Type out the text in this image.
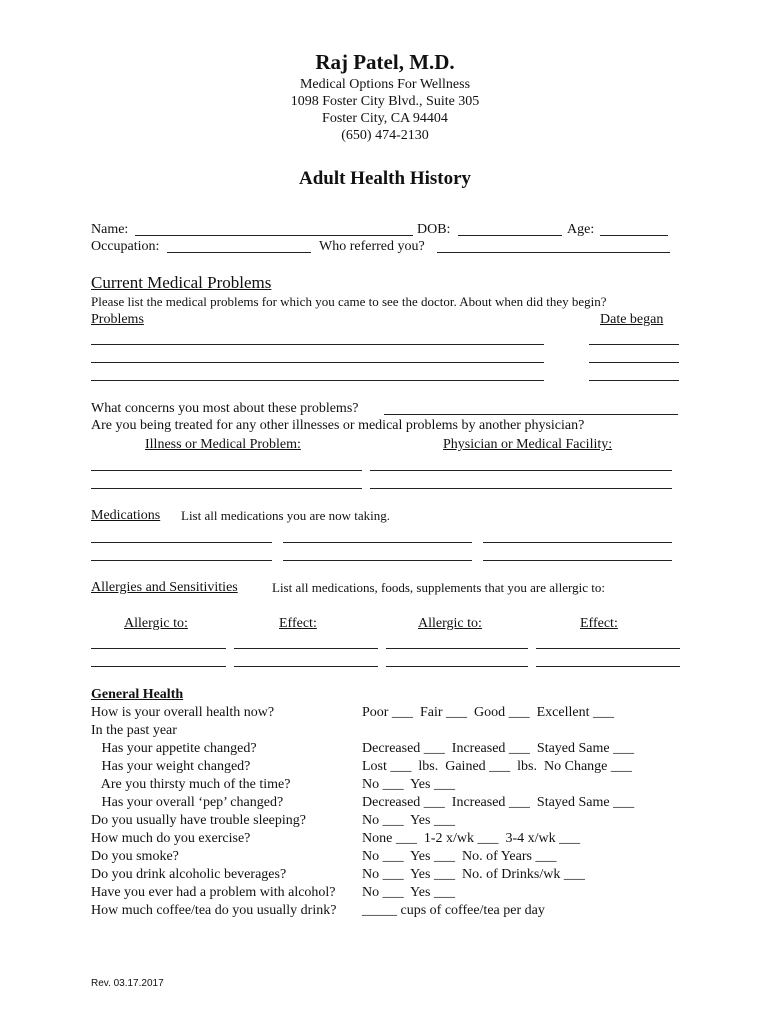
Raj Patel, M.D.
Medical Options For Wellness
1098 Foster City Blvd., Suite 305
Foster City, CA 94404
(650) 474-2130
Adult Health History
Name:	DOB:	Age:
Occupation:	Who referred you?
Current Medical Problems
Please list the medical problems for which you came to see the doctor. About when did they begin?
Problems	Date began
What concerns you most about these problems?
Are you being treated for any other illnesses or medical problems by another physician?
Illness or Medical Problem:	Physician or Medical Facility:
Medications List all medications you are now taking.
Allergies and Sensitivities	List all medications, foods, supplements that you are allergic to:
Allergic to:	Effect:	Allergic to:	Effect:
General Health
How is your overall health now?	Poor ___  Fair ___  Good ___  Excellent ___
In the past year
Has your appetite changed?	Decreased ___  Increased ___  Stayed Same ___
Has your weight changed?	Lost ___  lbs.  Gained ___  lbs.  No Change ___
Are you thirsty much of the time?	No ___  Yes ___
Has your overall ‘pep’ changed?	Decreased ___  Increased ___  Stayed Same ___
Do you usually have trouble sleeping?	No ___  Yes ___
How much do you exercise?	None ___  1-2 x/wk ___  3-4 x/wk ___
Do you smoke?	No ___  Yes ___  No. of Years ___
Do you drink alcoholic beverages?	No ___  Yes ___  No. of Drinks/wk ___
Have you ever had a problem with alcohol? No ___  Yes ___
How much coffee/tea do you usually drink? _____ cups of coffee/tea per day
Rev. 03.17.2017
